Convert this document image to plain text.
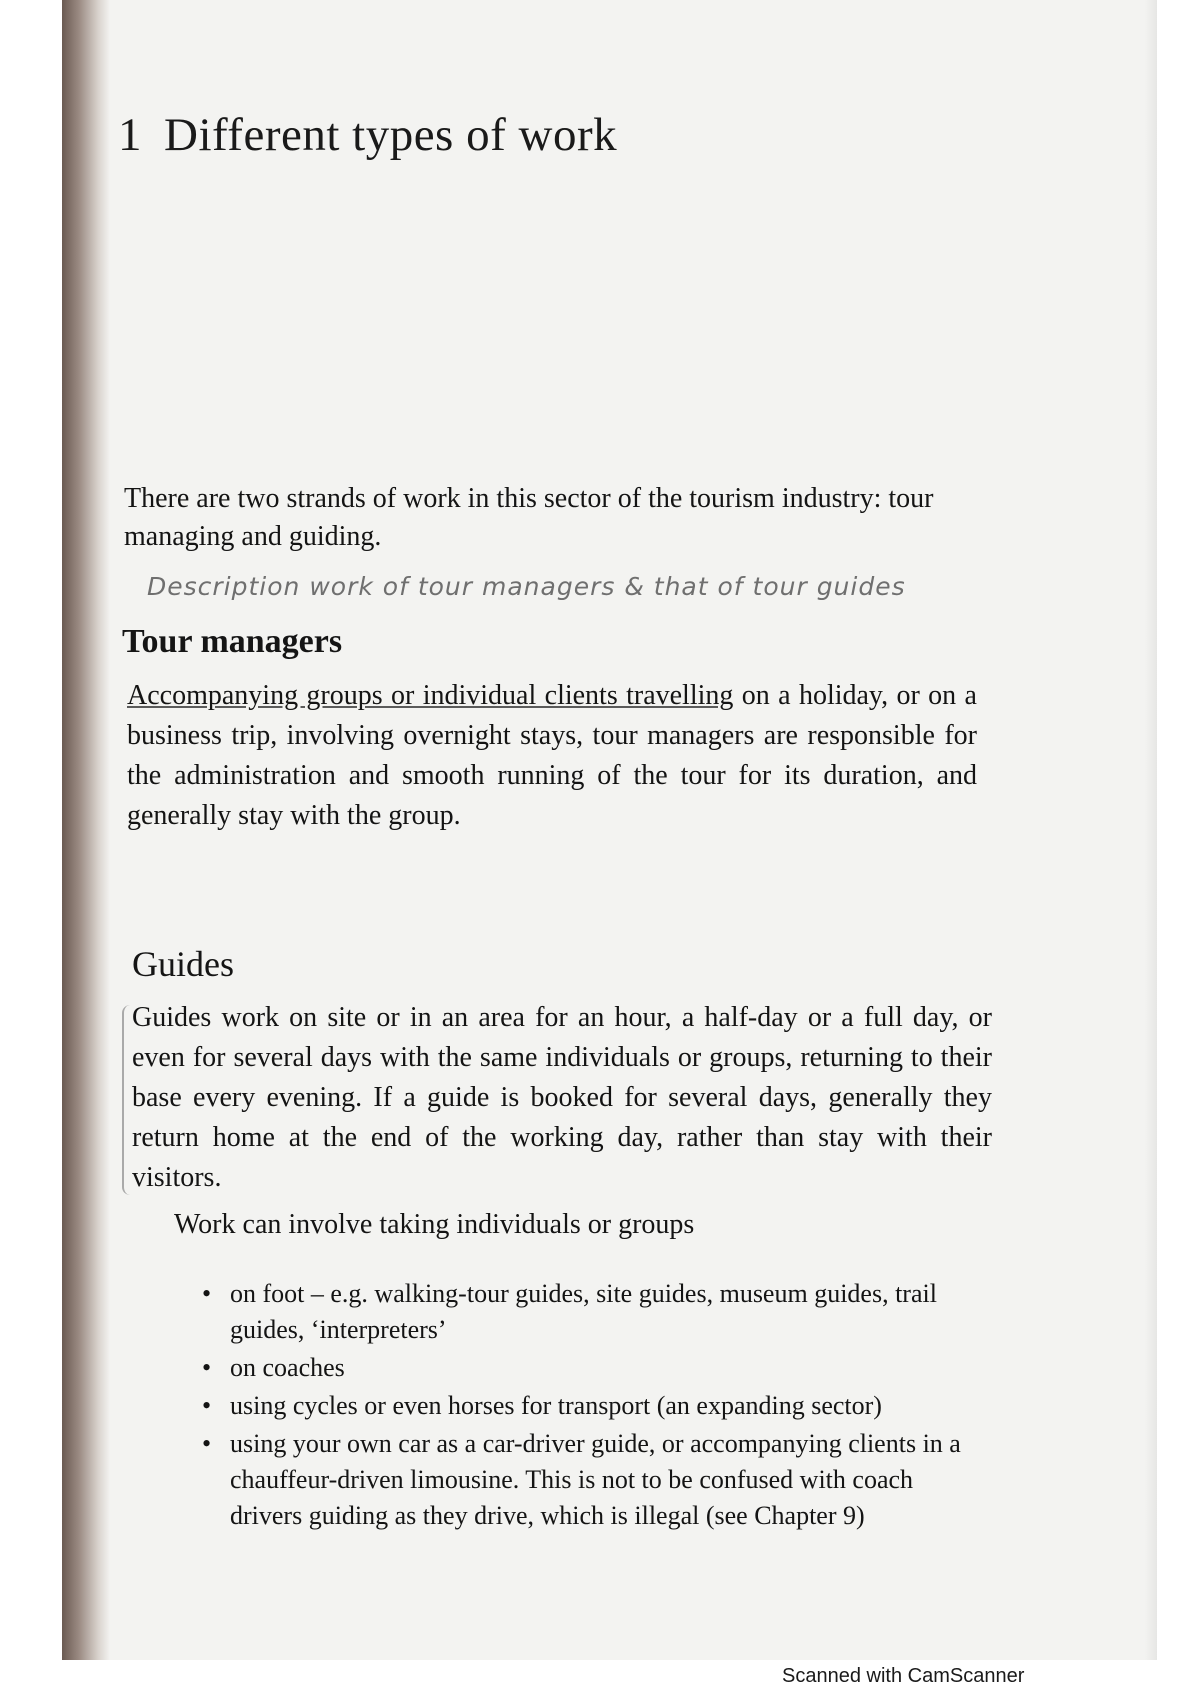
1 Different types of work

There are two strands of work in this sector of the tourism industry: tour managing and guiding.

Description work of tour managers & that of tour guides

Tour managers

Accompanying groups or individual clients travelling on a holiday, or on a business trip, involving overnight stays, tour managers are responsible for the administration and smooth running of the tour for its duration, and generally stay with the group.

Guides

Guides work on site or in an area for an hour, a half-day or a full day, or even for several days with the same individuals or groups, returning to their base every evening. If a guide is booked for several days, generally they return home at the end of the working day, rather than stay with their visitors.

Work can involve taking individuals or groups

• on foot – e.g. walking-tour guides, site guides, museum guides, trail guides, ‘interpreters’
• on coaches
• using cycles or even horses for transport (an expanding sector)
• using your own car as a car-driver guide, or accompanying clients in a chauffeur-driven limousine. This is not to be confused with coach drivers guiding as they drive, which is illegal (see Chapter 9)

Scanned with CamScanner
